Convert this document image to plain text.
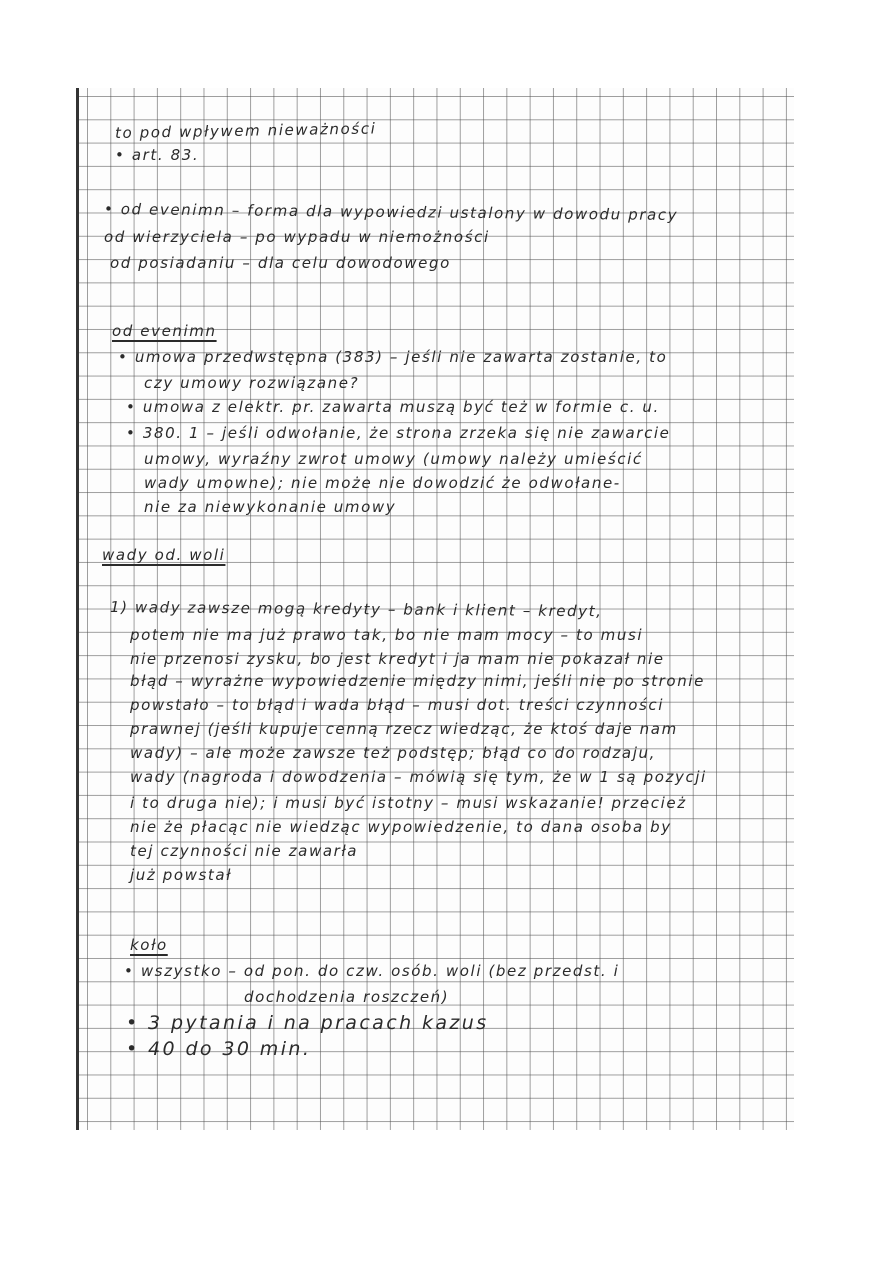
to pod wpływem nieważności
• art. 83.
• od evenimn – forma dla wypowiedzi ustalony w dowodu pracy
od wierzyciela – po wypadu w niemożności
od posiadaniu – dla celu dowodowego
od evenimn
• umowa przedwstępna (383) – jeśli nie zawarta zostanie, to
czy umowy rozwiązane?
• umowa z elektr. pr. zawarta muszą być też w formie c. u.
• 380. 1 – jeśli odwołanie, że strona zrzeka się nie zawarcie
umowy, wyraźny zwrot umowy (umowy należy umieścić
wady umowne); nie może nie dowodzić że odwołane-
nie za niewykonanie umowy
wady od. woli
1) wady zawsze mogą kredyty – bank i klient – kredyt,
potem nie ma już prawo tak, bo nie mam mocy – to musi
nie przenosi zysku, bo jest kredyt i ja mam nie pokazał nie
błąd – wyrażne wypowiedzenie między nimi, jeśli nie po stronie
powstało – to błąd i wada błąd – musi dot. treści czynności
prawnej (jeśli kupuje cenną rzecz wiedząc, że ktoś daje nam
wady) – ale może zawsze też podstęp; błąd co do rodzaju,
wady (nagroda i dowodzenia – mówią się tym, że w 1 są pozycji
i to druga nie); i musi być istotny – musi wskazanie! przecież
nie że płacąc nie wiedząc wypowiedzenie, to dana osoba by
tej czynności nie zawarła
już powstał
koło
• wszystko – od pon. do czw. osób. woli (bez przedst. i
dochodzenia roszczeń)
• 3 pytania i na pracach kazus
• 40 do 30 min.
